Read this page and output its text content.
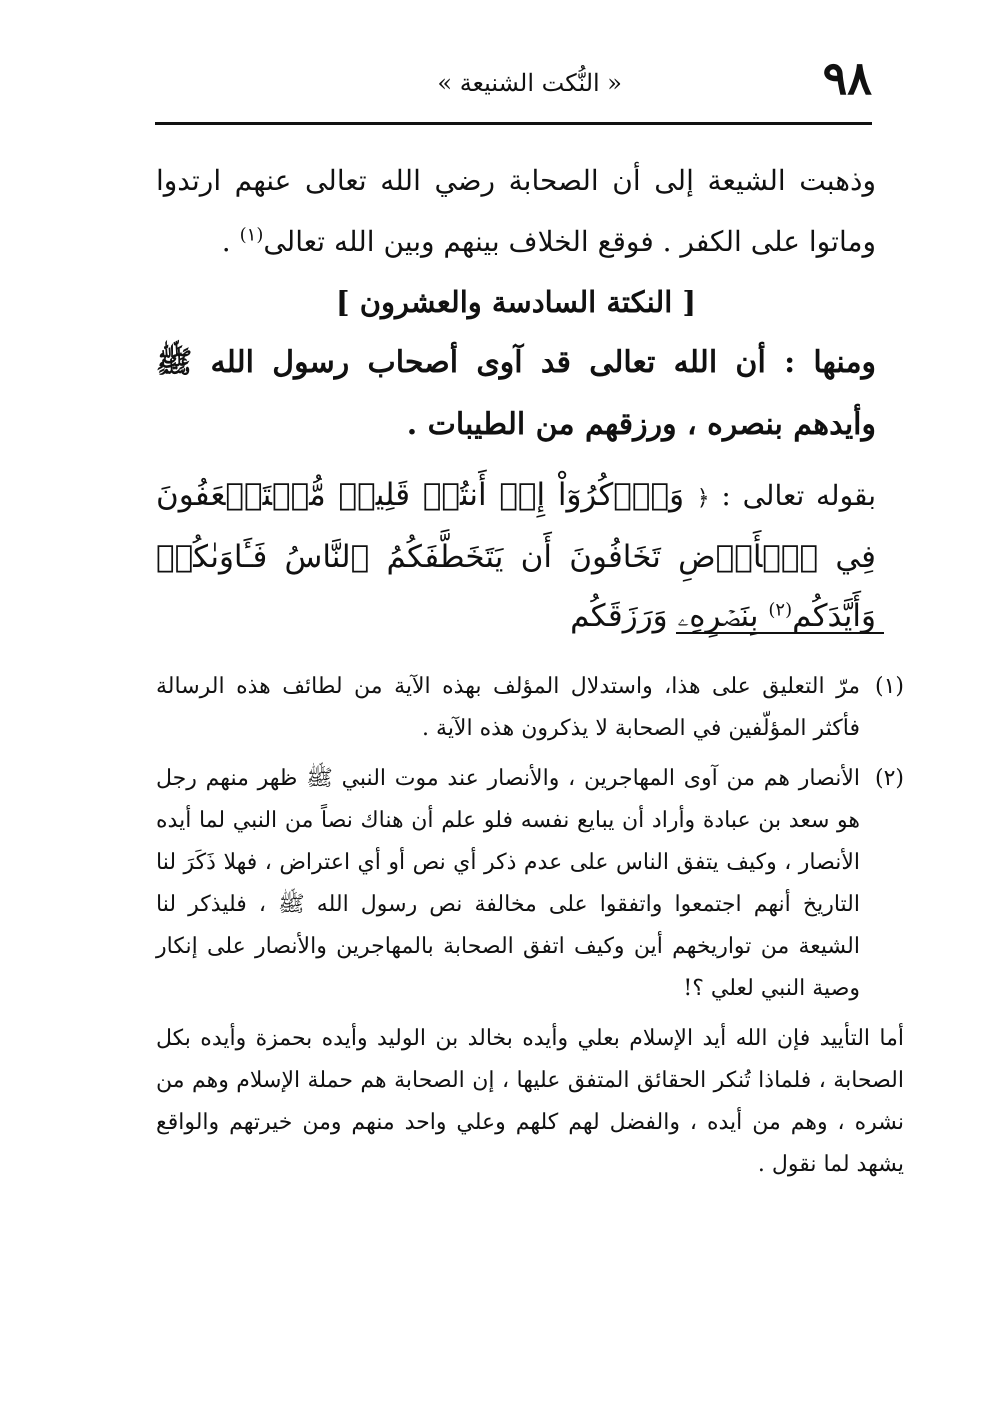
٩٨
« النُّكت الشنيعة »

وذهبت الشيعة إلى أن الصحابة رضي الله تعالى عنهم ارتدوا وماتوا على الكفر . فوقع الخلاف بينهم وبين الله تعالى$^{(١)}$ .

[ النكتة السادسة والعشرون ]

ومنها : أن الله تعالى قد آوى أصحاب رسول الله ﷺ وأيدهم بنصره ، ورزقهم من الطيبات .

بقوله تعالى : ﴿ وَٱذۡكُرُوٓاْ إِذۡ أَنتُمۡ قَلِيلٞ مُّسۡتَضۡعَفُونَ فِي ٱلۡأَرۡضِ تَخَافُونَ أَن يَتَخَطَّفَكُمُ ٱلنَّاسُ فَـَٔاوَىٰكُمۡ وَأَيَّدَكُم$^{(٢)}$ بِنَصۡرِهِۦ وَرَزَقَكُم

(١)
مرّ التعليق على هذا، واستدلال المؤلف بهذه الآية من لطائف هذه الرسالة فأكثر المؤلّفين في الصحابة لا يذكرون هذه الآية .

(٢)
الأنصار هم من آوى المهاجرين ، والأنصار عند موت النبي ﷺ ظهر منهم رجل هو سعد بن عبادة وأراد أن يبايع نفسه فلو علم أن هناك نصاً من النبي لما أيده الأنصار ، وكيف يتفق الناس على عدم ذكر أي نص أو أي اعتراض ، فهلا ذَكَرَ لنا التاريخ أنهم اجتمعوا واتفقوا على مخالفة نص رسول الله ﷺ ، فليذكر لنا الشيعة من تواريخهم أين وكيف اتفق الصحابة بالمهاجرين والأنصار على إنكار وصية النبي لعلي ؟!

أما التأييد فإن الله أيد الإسلام بعلي وأيده بخالد بن الوليد وأيده بحمزة وأيده بكل الصحابة ، فلماذا تُنكر الحقائق المتفق عليها ، إن الصحابة هم حملة الإسلام وهم من نشره ، وهم من أيده ، والفضل لهم كلهم وعلي واحد منهم ومن خيرتهم والواقع يشهد لما نقول .
